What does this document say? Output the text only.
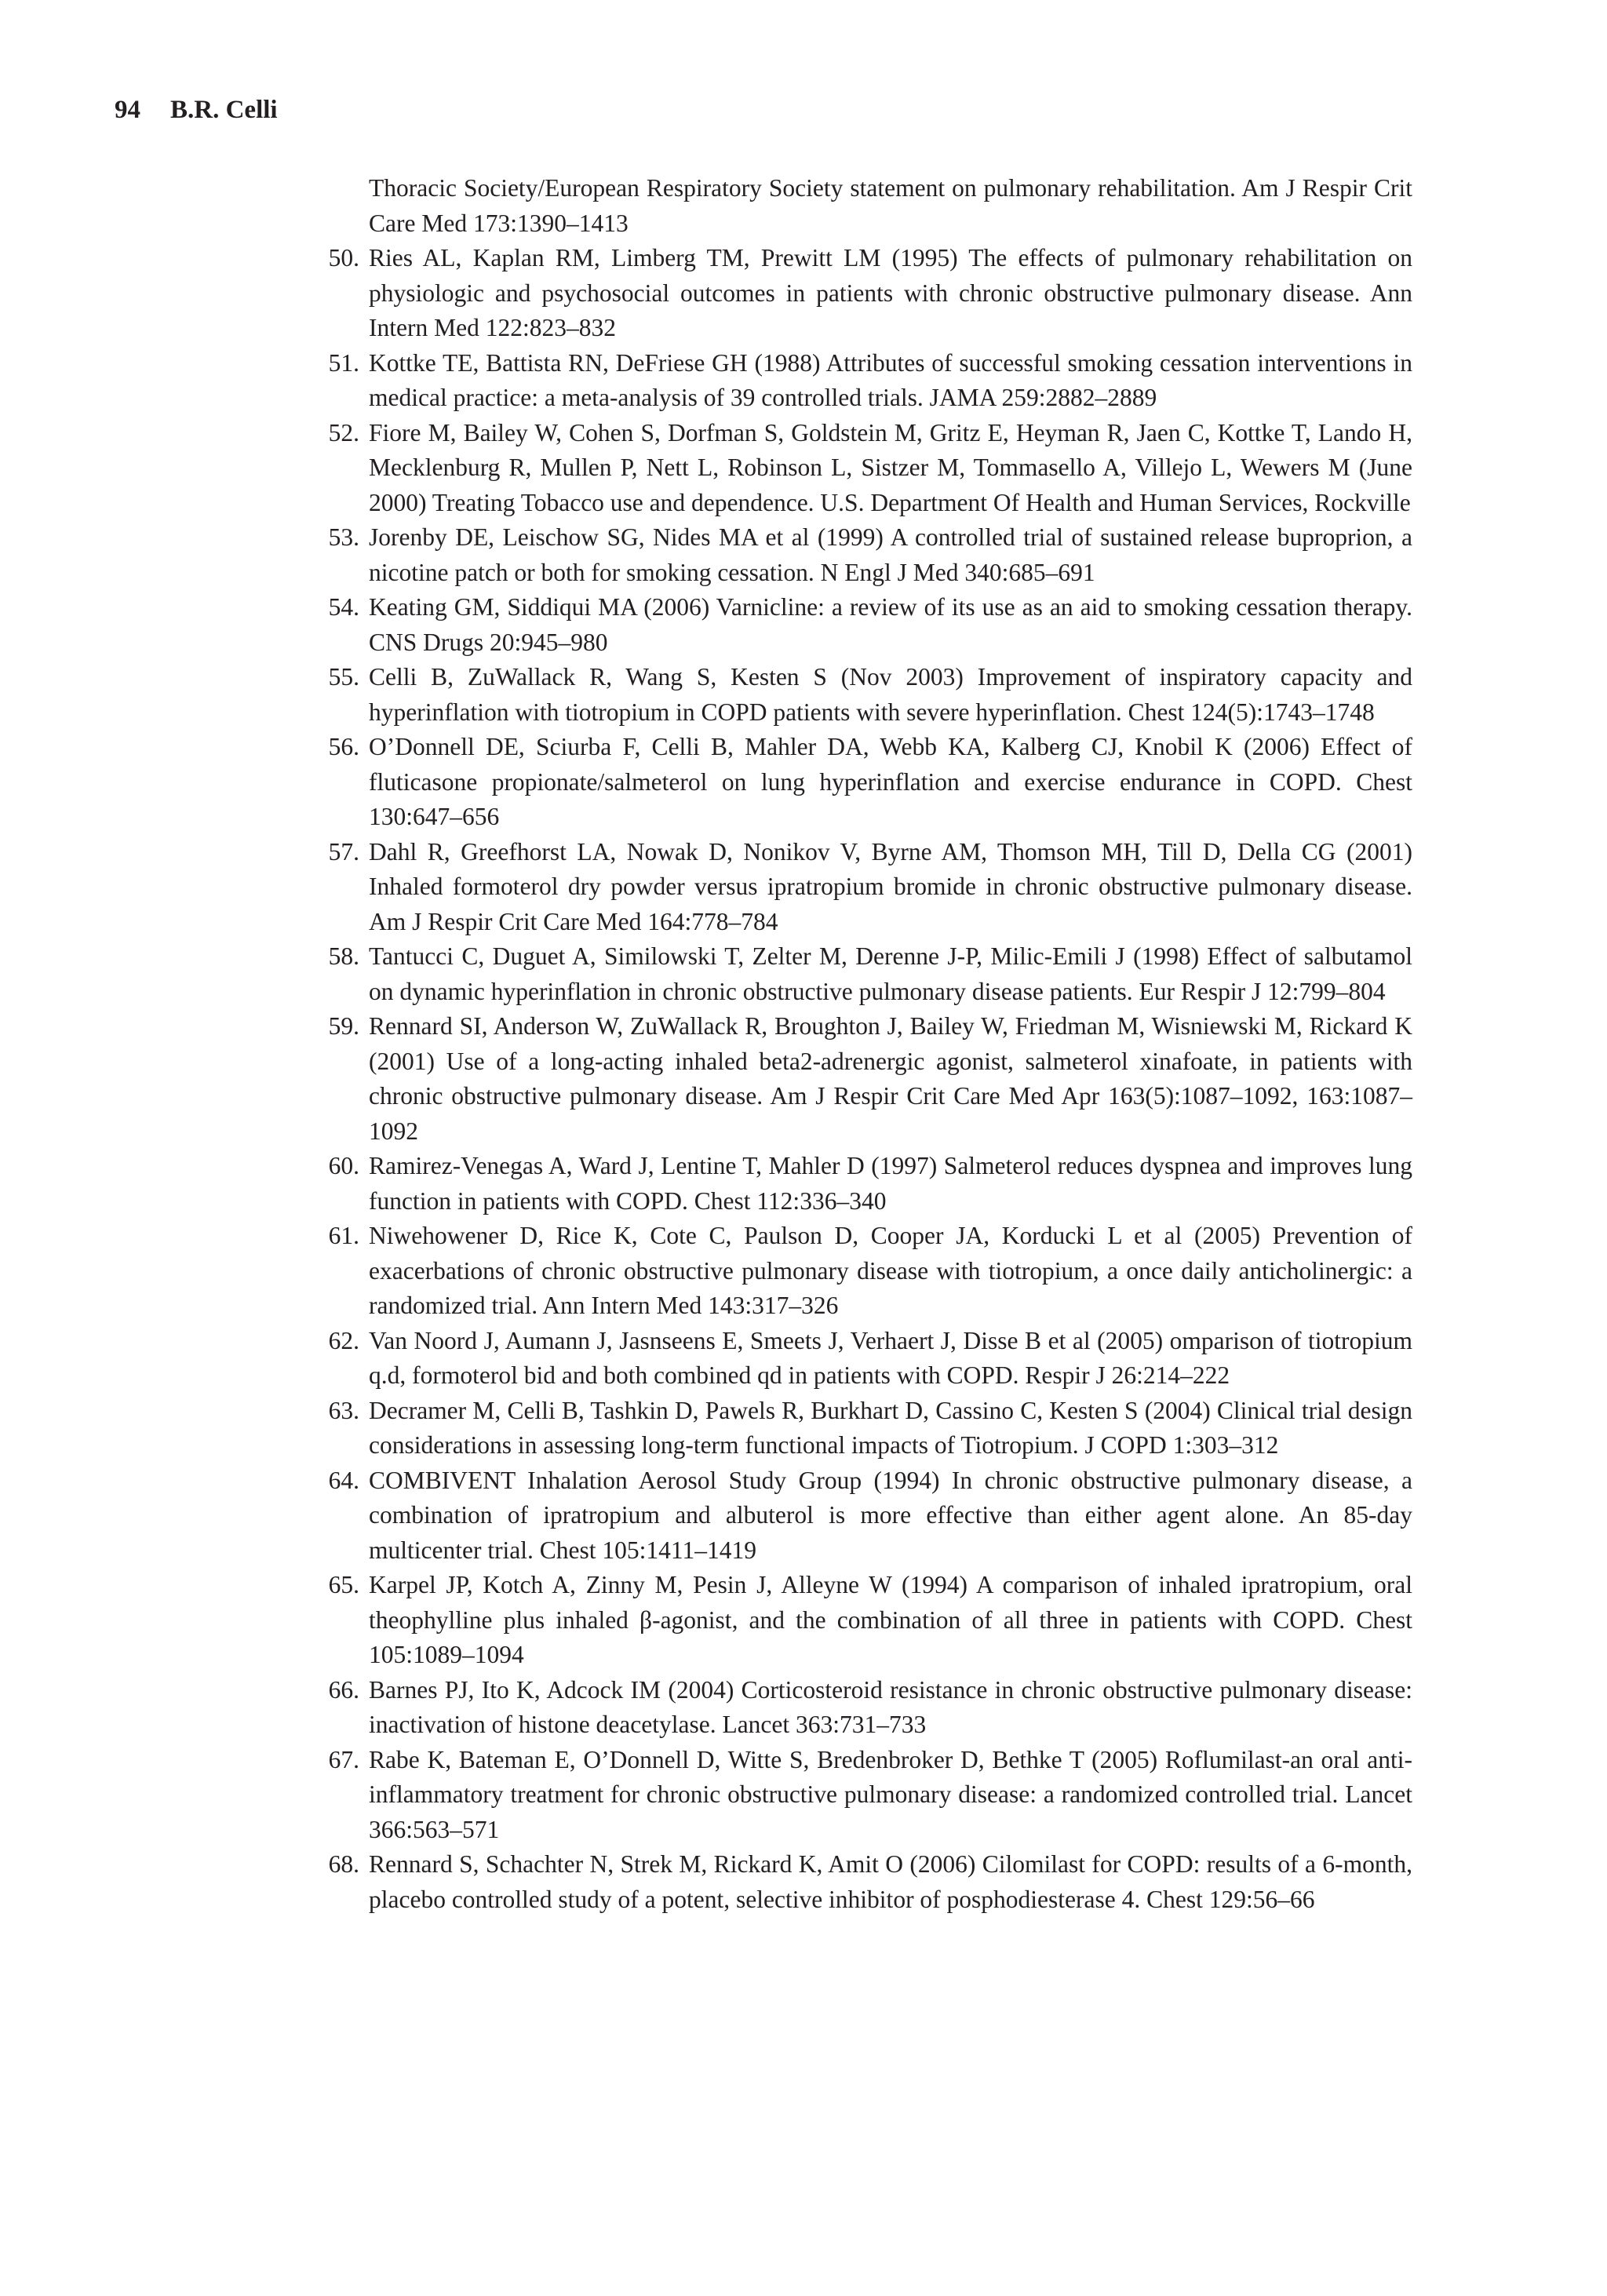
94 B.R. Celli
Thoracic Society/European Respiratory Society statement on pulmonary rehabilitation. Am J Respir Crit Care Med 173:1390–1413
50. Ries AL, Kaplan RM, Limberg TM, Prewitt LM (1995) The effects of pulmonary rehabilitation on physiologic and psychosocial outcomes in patients with chronic obstructive pulmonary disease. Ann Intern Med 122:823–832
51. Kottke TE, Battista RN, DeFriese GH (1988) Attributes of successful smoking cessation interventions in medical practice: a meta-analysis of 39 controlled trials. JAMA 259:2882–2889
52. Fiore M, Bailey W, Cohen S, Dorfman S, Goldstein M, Gritz E, Heyman R, Jaen C, Kottke T, Lando H, Mecklenburg R, Mullen P, Nett L, Robinson L, Sistzer M, Tommasello A, Villejo L, Wewers M (June 2000) Treating Tobacco use and dependence. U.S. Department Of Health and Human Services, Rockville
53. Jorenby DE, Leischow SG, Nides MA et al (1999) A controlled trial of sustained release buproprion, a nicotine patch or both for smoking cessation. N Engl J Med 340:685–691
54. Keating GM, Siddiqui MA (2006) Varnicline: a review of its use as an aid to smoking cessation therapy. CNS Drugs 20:945–980
55. Celli B, ZuWallack R, Wang S, Kesten S (Nov 2003) Improvement of inspiratory capacity and hyperinflation with tiotropium in COPD patients with severe hyperinflation. Chest 124(5):1743–1748
56. O’Donnell DE, Sciurba F, Celli B, Mahler DA, Webb KA, Kalberg CJ, Knobil K (2006) Effect of fluticasone propionate/salmeterol on lung hyperinflation and exercise endurance in COPD. Chest 130:647–656
57. Dahl R, Greefhorst LA, Nowak D, Nonikov V, Byrne AM, Thomson MH, Till D, Della CG (2001) Inhaled formoterol dry powder versus ipratropium bromide in chronic obstructive pulmonary disease. Am J Respir Crit Care Med 164:778–784
58. Tantucci C, Duguet A, Similowski T, Zelter M, Derenne J-P, Milic-Emili J (1998) Effect of salbutamol on dynamic hyperinflation in chronic obstructive pulmonary disease patients. Eur Respir J 12:799–804
59. Rennard SI, Anderson W, ZuWallack R, Broughton J, Bailey W, Friedman M, Wisniewski M, Rickard K (2001) Use of a long-acting inhaled beta2-adrenergic agonist, salmeterol xinafoate, in patients with chronic obstructive pulmonary disease. Am J Respir Crit Care Med Apr 163(5):1087–1092, 163:1087–1092
60. Ramirez-Venegas A, Ward J, Lentine T, Mahler D (1997) Salmeterol reduces dyspnea and improves lung function in patients with COPD. Chest 112:336–340
61. Niwehowener D, Rice K, Cote C, Paulson D, Cooper JA, Korducki L et al (2005) Prevention of exacerbations of chronic obstructive pulmonary disease with tiotropium, a once daily anticholinergic: a randomized trial. Ann Intern Med 143:317–326
62. Van Noord J, Aumann J, Jasnseens E, Smeets J, Verhaert J, Disse B et al (2005) omparison of tiotropium q.d, formoterol bid and both combined qd in patients with COPD. Respir J 26:214–222
63. Decramer M, Celli B, Tashkin D, Pawels R, Burkhart D, Cassino C, Kesten S (2004) Clinical trial design considerations in assessing long-term functional impacts of Tiotropium. J COPD 1:303–312
64. COMBIVENT Inhalation Aerosol Study Group (1994) In chronic obstructive pulmonary disease, a combination of ipratropium and albuterol is more effective than either agent alone. An 85-day multicenter trial. Chest 105:1411–1419
65. Karpel JP, Kotch A, Zinny M, Pesin J, Alleyne W (1994) A comparison of inhaled ipratropium, oral theophylline plus inhaled β-agonist, and the combination of all three in patients with COPD. Chest 105:1089–1094
66. Barnes PJ, Ito K, Adcock IM (2004) Corticosteroid resistance in chronic obstructive pulmonary disease: inactivation of histone deacetylase. Lancet 363:731–733
67. Rabe K, Bateman E, O’Donnell D, Witte S, Bredenbroker D, Bethke T (2005) Roflumilast-an oral anti-inflammatory treatment for chronic obstructive pulmonary disease: a randomized controlled trial. Lancet 366:563–571
68. Rennard S, Schachter N, Strek M, Rickard K, Amit O (2006) Cilomilast for COPD: results of a 6-month, placebo controlled study of a potent, selective inhibitor of posphodiesterase 4. Chest 129:56–66
